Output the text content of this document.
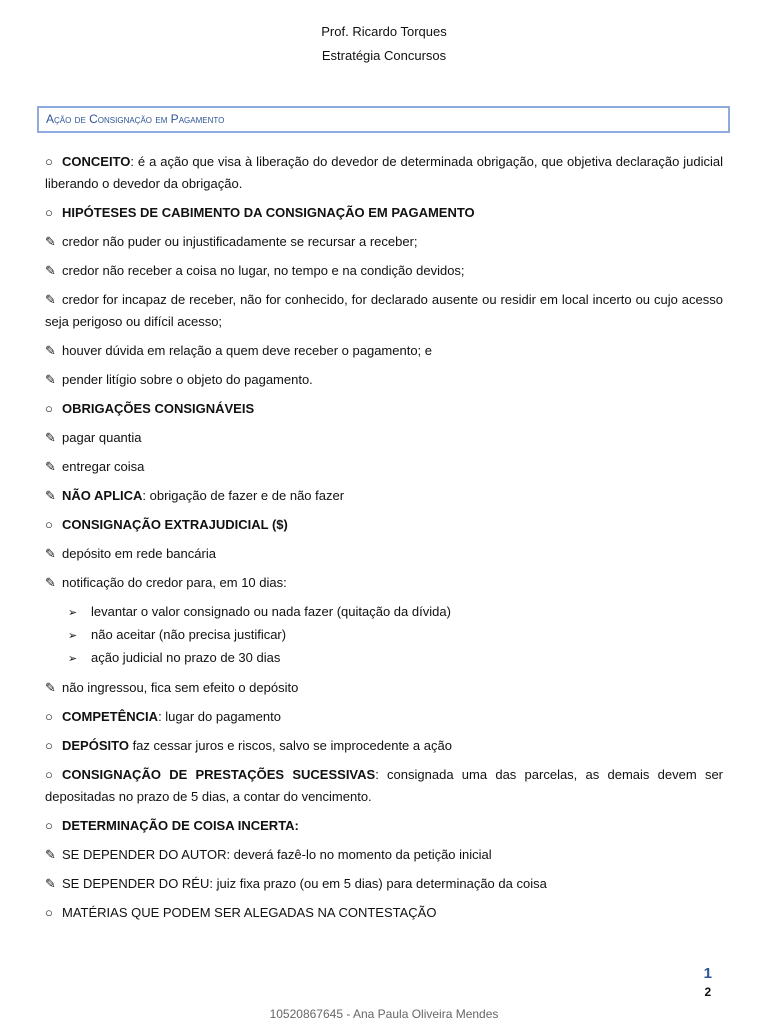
Prof. Ricardo Torques
Estratégia Concursos
Ação de Consignação em Pagamento
○ CONCEITO: é a ação que visa à liberação do devedor de determinada obrigação, que objetiva declaração judicial liberando o devedor da obrigação.
○ HIPÓTESES DE CABIMENTO DA CONSIGNAÇÃO EM PAGAMENTO
✎ credor não puder ou injustificadamente se recursar a receber;
✎ credor não receber a coisa no lugar, no tempo e na condição devidos;
✎ credor for incapaz de receber, não for conhecido, for declarado ausente ou residir em local incerto ou cujo acesso seja perigoso ou difícil acesso;
✎ houver dúvida em relação a quem deve receber o pagamento; e
✎ pender litígio sobre o objeto do pagamento.
○ OBRIGAÇÕES CONSIGNÁVEIS
✎ pagar quantia
✎ entregar coisa
✎ NÃO APLICA: obrigação de fazer e de não fazer
○ CONSIGNAÇÃO EXTRAJUDICIAL ($)
✎ depósito em rede bancária
✎ notificação do credor para, em 10 dias:
➢ levantar o valor consignado ou nada fazer (quitação da dívida)
➢ não aceitar (não precisa justificar)
➢ ação judicial no prazo de 30 dias
✎ não ingressou, fica sem efeito o depósito
○ COMPETÊNCIA: lugar do pagamento
○ DEPÓSITO faz cessar juros e riscos, salvo se improcedente a ação
○ CONSIGNAÇÃO DE PRESTAÇÕES SUCESSIVAS: consignada uma das parcelas, as demais devem ser depositadas no prazo de 5 dias, a contar do vencimento.
○ DETERMINAÇÃO DE COISA INCERTA:
✎ SE DEPENDER DO AUTOR: deverá fazê-lo no momento da petição inicial
✎ SE DEPENDER DO RÉU: juiz fixa prazo (ou em 5 dias) para determinação da coisa
○ MATÉRIAS QUE PODEM SER ALEGADAS NA CONTESTAÇÃO
1
2
10520867645 - Ana Paula Oliveira Mendes
